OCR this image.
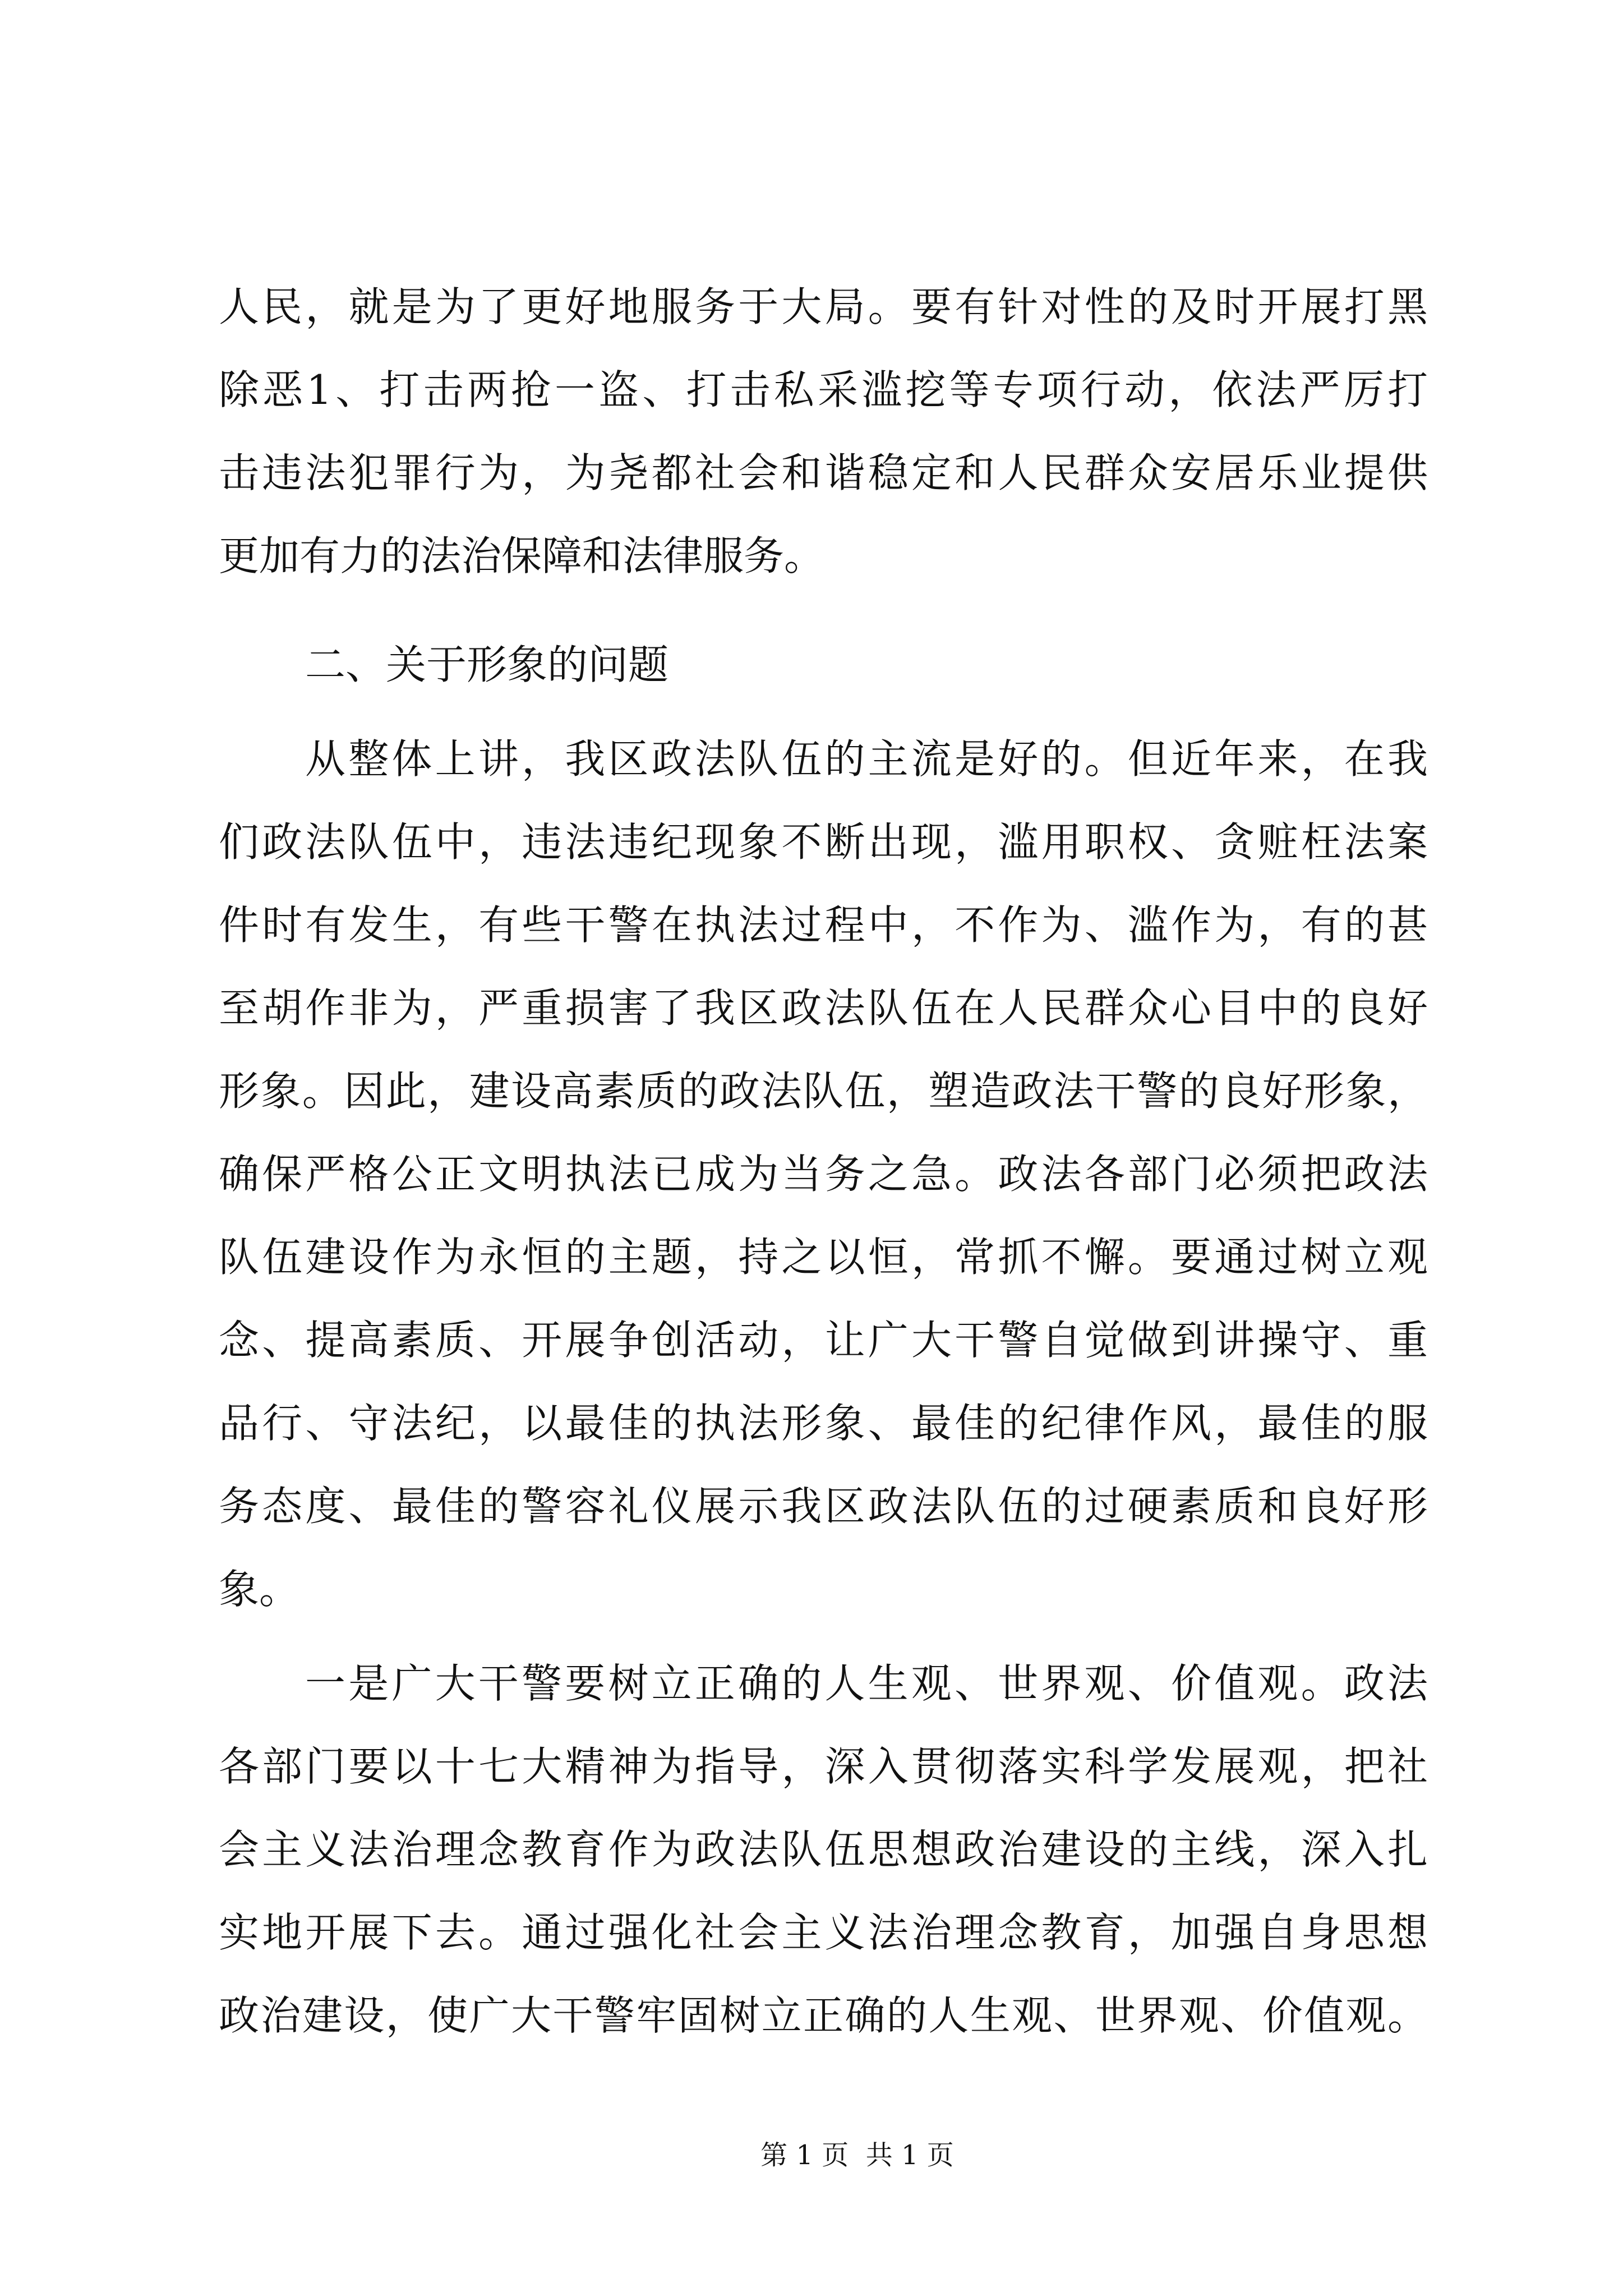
人民，就是为了更好地服务于大局。要有针对性的及时开展打黑
除恶1、打击两抢一盗、打击私采滥挖等专项行动，依法严厉打
击违法犯罪行为，为尧都社会和谐稳定和人民群众安居乐业提供
更加有力的法治保障和法律服务。
二、关于形象的问题
从整体上讲，我区政法队伍的主流是好的。但近年来，在我
们政法队伍中，违法违纪现象不断出现，滥用职权、贪赃枉法案
件时有发生，有些干警在执法过程中，不作为、滥作为，有的甚
至胡作非为，严重损害了我区政法队伍在人民群众心目中的良好
形象。因此，建设高素质的政法队伍，塑造政法干警的良好形象，
确保严格公正文明执法已成为当务之急。政法各部门必须把政法
队伍建设作为永恒的主题，持之以恒，常抓不懈。要通过树立观
念、提高素质、开展争创活动，让广大干警自觉做到讲操守、重
品行、守法纪，以最佳的执法形象、最佳的纪律作风，最佳的服
务态度、最佳的警容礼仪展示我区政法队伍的过硬素质和良好形
象。
一是广大干警要树立正确的人生观、世界观、价值观。政法
各部门要以十七大精神为指导，深入贯彻落实科学发展观，把社
会主义法治理念教育作为政法队伍思想政治建设的主线，深入扎
实地开展下去。通过强化社会主义法治理念教育，加强自身思想
政治建设，使广大干警牢固树立正确的人生观、世界观、价值观。
第 1 页  共 1 页
